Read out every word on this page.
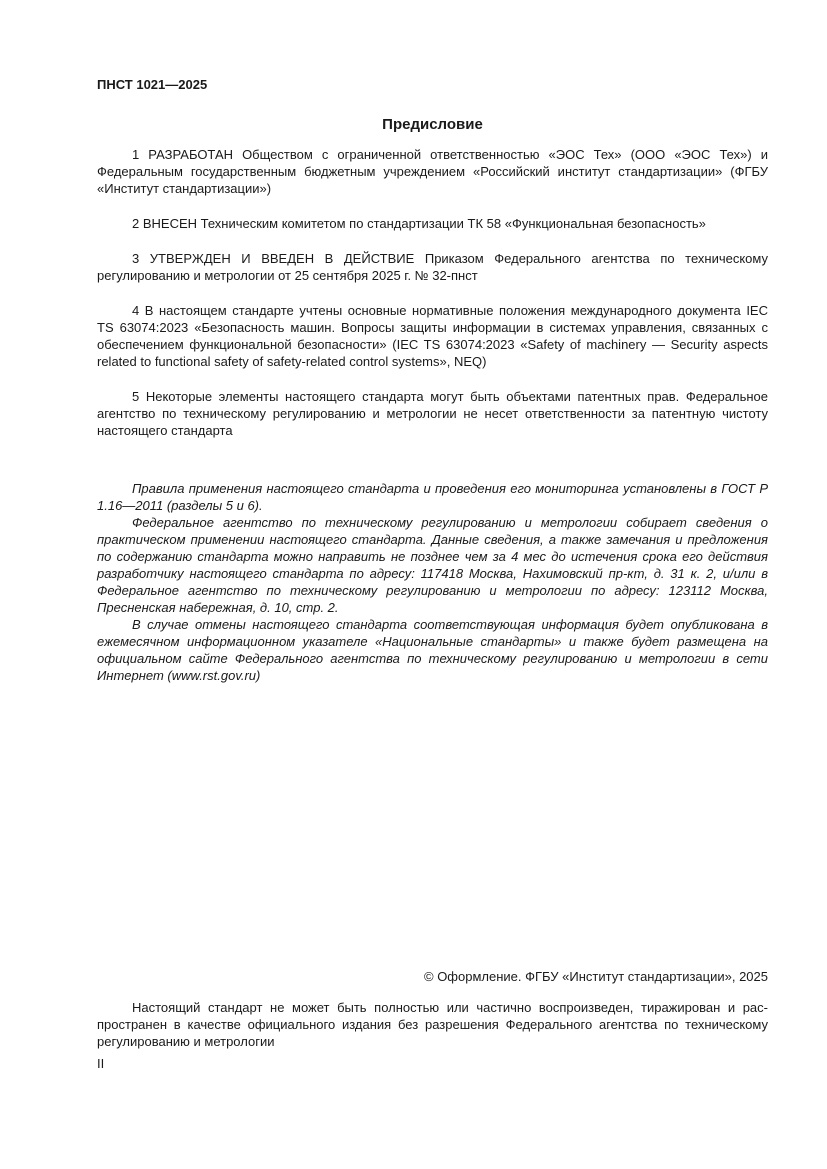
ПНСТ 1021—2025
Предисловие

1 РАЗРАБОТАН Обществом с ограниченной ответственностью «ЭОС Тех» (ООО «ЭОС Тех») и Федеральным государственным бюджетным учреждением «Российский институт стандартизации» (ФГБУ «Институт стандартизации»)

2 ВНЕСЕН Техническим комитетом по стандартизации ТК 58 «Функциональная безопасность»

3 УТВЕРЖДЕН И ВВЕДЕН В ДЕЙСТВИЕ Приказом Федерального агентства по техническому регулированию и метрологии от 25 сентября 2025 г. № 32-пнст

4 В настоящем стандарте учтены основные нормативные положения международного документа IEC TS 63074:2023 «Безопасность машин. Вопросы защиты информации в системах управления, связанных с обеспечением функциональной безопасности» (IEC TS 63074:2023 «Safety of machinery — Security aspects related to functional safety of safety-related control systems», NEQ)

5 Некоторые элементы настоящего стандарта могут быть объектами патентных прав. Федеральное агентство по техническому регулированию и метрологии не несет ответственности за патентную чистоту настоящего стандарта

Правила применения настоящего стандарта и проведения его мониторинга установлены в ГОСТ Р 1.16—2011 (разделы 5 и 6).

Федеральное агентство по техническому регулированию и метрологии собирает сведения о практическом применении настоящего стандарта. Данные сведения, а также замечания и предложения по содержанию стандарта можно направить не позднее чем за 4 мес до истечения срока его действия разработчику настоящего стандарта по адресу: 117418 Москва, Нахимовский пр-кт, д. 31 к. 2, и/или в Федеральное агентство по техническому регулированию и метрологии по адресу: 123112 Москва, Пресненская набережная, д. 10, стр. 2.

В случае отмены настоящего стандарта соответствующая информация будет опубликована в ежемесячном информационном указателе «Национальные стандарты» и также будет размещена на официальном сайте Федерального агентства по техническому регулированию и метрологии в сети Интернет (www.rst.gov.ru)

© Оформление. ФГБУ «Институт стандартизации», 2025

Настоящий стандарт не может быть полностью или частично воспроизведен, тиражирован и распространен в качестве официального издания без разрешения Федерального агентства по техническому регулированию и метрологии

II
